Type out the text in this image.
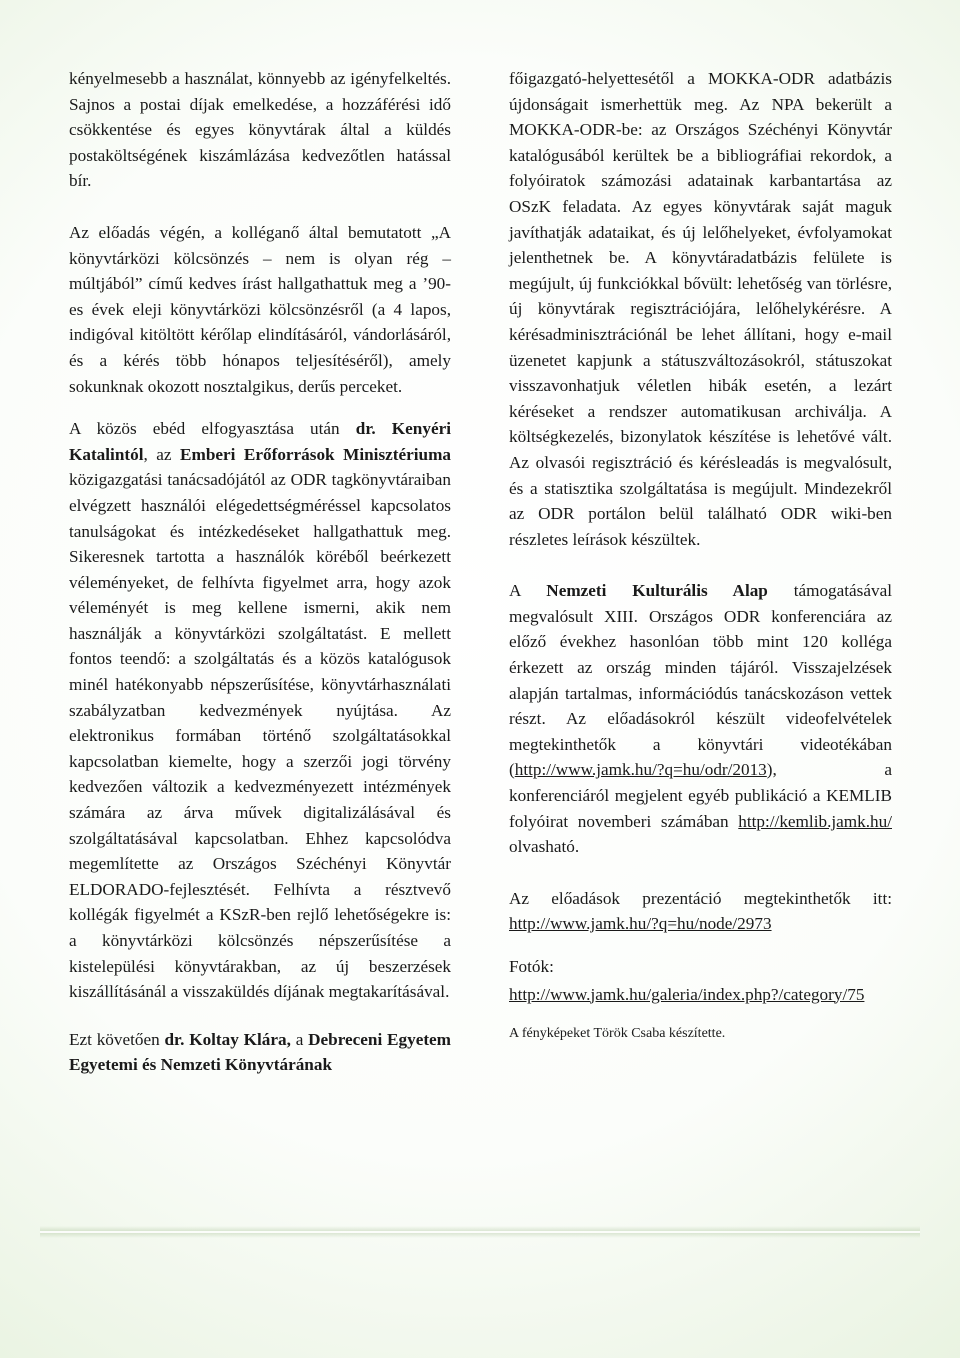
kényelmesebb a használat, könnyebb az igényfelkeltés. Sajnos a postai díjak emelkedése, a hozzáférési idő csökkentése és egyes könyvtárak által a küldés postaköltségének kiszámlázása kedvezőtlen hatással bír.

Az előadás végén, a kolléganő által bemutatott „A könyvtárközi kölcsönzés – nem is olyan rég – múltjából” című kedves írást hallgathattuk meg a ’90-es évek eleji könyvtárközi kölcsönzésről (a 4 lapos, indigóval kitöltött kérőlap elindításáról, vándorlásáról, és a kérés több hónapos teljesítéséről), amely sokunknak okozott nosztalgikus, derűs perceket.

A közös ebéd elfogyasztása után dr. Kenyéri Katalintól, az Emberi Erőforrások Minisztériuma közigazgatási tanácsadójától az ODR tagkönyvtáraiban elvégzett használói elégedettségméréssel kapcsolatos tanulságokat és intézkedéseket hallgathattuk meg. Sikeresnek tartotta a használók köréből beérkezett véleményeket, de felhívta figyelmet arra, hogy azok véleményét is meg kellene ismerni, akik nem használják a könyvtárközi szolgáltatást. E mellett fontos teendő: a szolgáltatás és a közös katalógusok minél hatékonyabb népszerűsítése, könyvtárhasználati szabályzatban kedvezmények nyújtása. Az elektronikus formában történő szolgáltatásokkal kapcsolatban kiemelte, hogy a szerzői jogi törvény kedvezően változik a kedvezményezett intézmények számára az árva művek digitalizálásával és szolgáltatásával kapcsolatban. Ehhez kapcsolódva megemlítette az Országos Széchényi Könyvtár ELDORADO-fejlesztését. Felhívta a résztvevő kollégák figyelmét a KSzR-ben rejlő lehetőségekre is: a könyvtárközi kölcsönzés népszerűsítése a kistelepülési könyvtárakban, az új beszerzések kiszállításánál a visszaküldés díjának megtakarításával.

Ezt követően dr. Koltay Klára, a Debreceni Egyetem Egyetemi és Nemzeti Könyvtárának

főigazgató-helyettesétől a MOKKA-ODR adatbázis újdonságait ismerhettük meg. Az NPA bekerült a MOKKA-ODR-be: az Országos Széchényi Könyvtár katalógusából kerültek be a bibliográfiai rekordok, a folyóiratok számozási adatainak karbantartása az OSzK feladata. Az egyes könyvtárak saját maguk javíthatják adataikat, és új lelőhelyeket, évfolyamokat jelenthetnek be. A könyvtáradatbázis felülete is megújult, új funkciókkal bővült: lehetőség van törlésre, új könyvtárak regisztrációjára, lelőhelykérésre. A kérésadminisztrációnál be lehet állítani, hogy e-mail üzenetet kapjunk a státuszváltozásokról, státuszokat visszavonhatjuk véletlen hibák esetén, a lezárt kéréseket a rendszer automatikusan archiválja. A költségkezelés, bizonylatok készítése is lehetővé vált. Az olvasói regisztráció és kérésleadás is megvalósult, és a statisztika szolgáltatása is megújult. Mindezekről az ODR portálon belül található ODR wiki-ben részletes leírások készültek.

A Nemzeti Kulturális Alap támogatásával megvalósult XIII. Országos ODR konferenciára az előző évekhez hasonlóan több mint 120 kolléga érkezett az ország minden tájáról. Visszajelzések alapján tartalmas, információdús tanácskozáson vettek részt. Az előadásokról készült videofelvételek megtekinthetők a könyvtári videotékában (http://www.jamk.hu/?q=hu/odr/2013), a konferenciáról megjelent egyéb publikáció a KEMLIB folyóirat novemberi számában http://kemlib.jamk.hu/ olvasható.

Az előadások prezentáció megtekinthetők itt: http://www.jamk.hu/?q=hu/node/2973

Fotók:

http://www.jamk.hu/galeria/index.php?/category/75

A fényképeket Török Csaba készítette.
